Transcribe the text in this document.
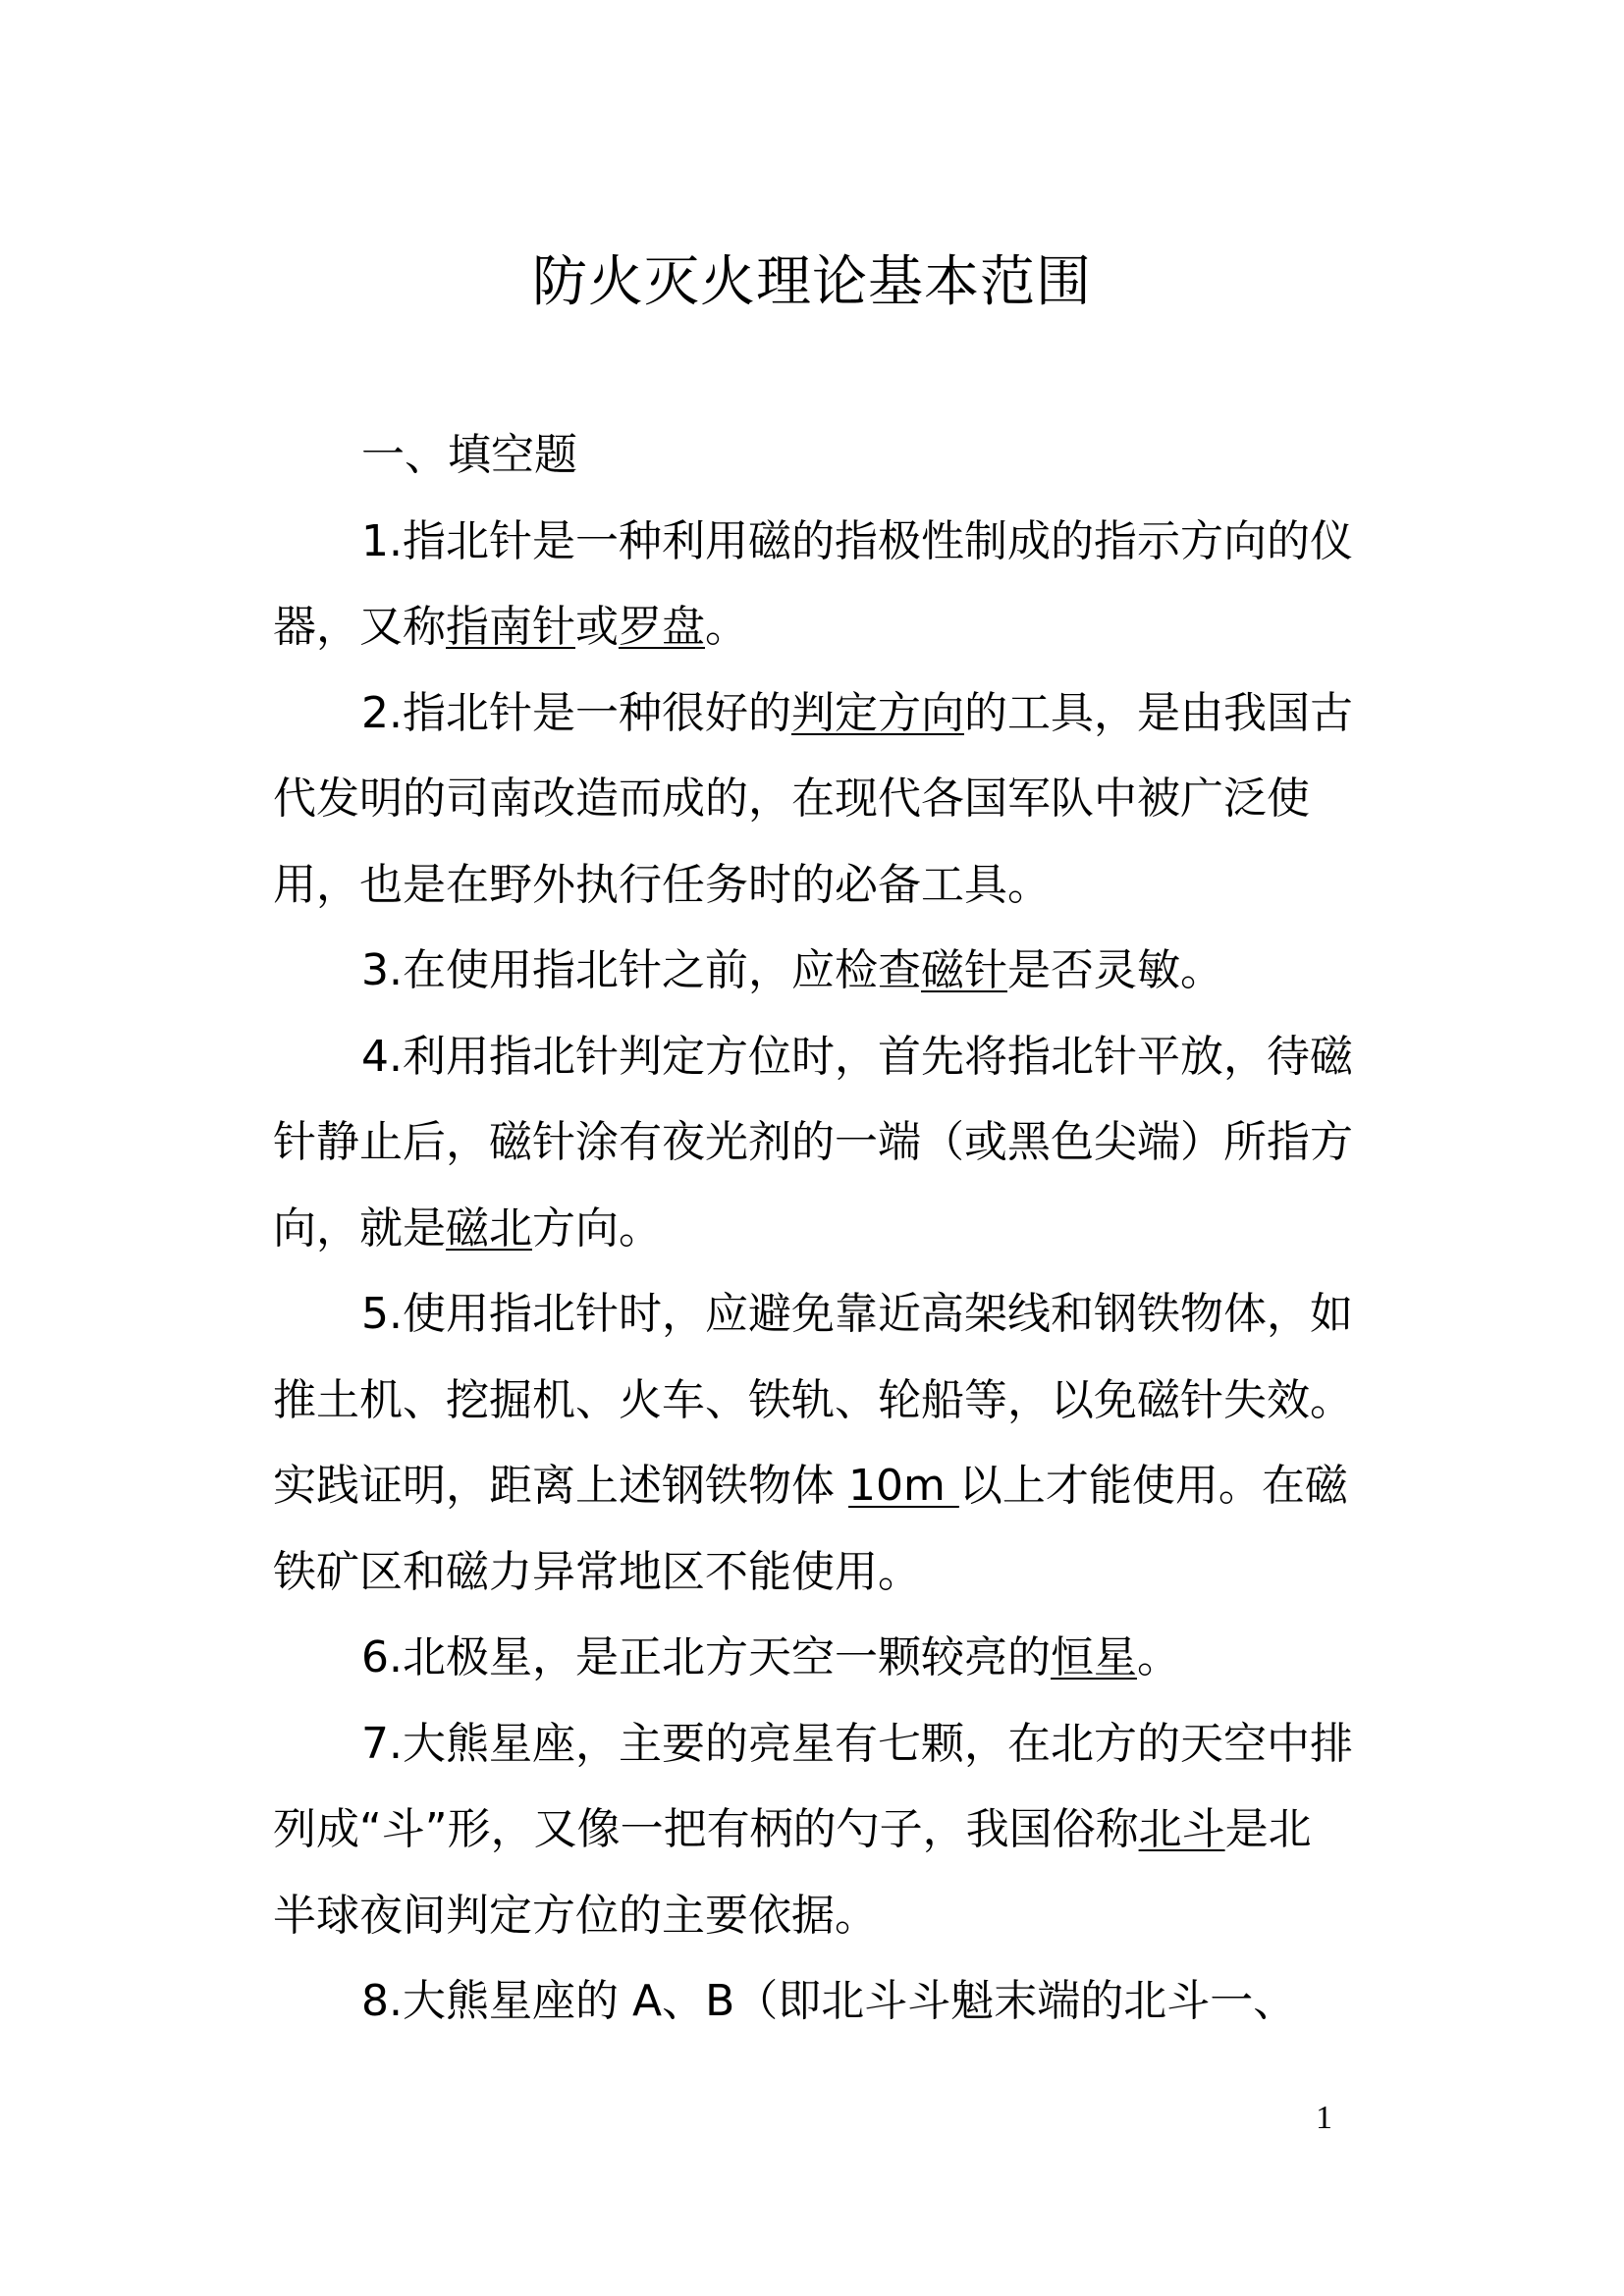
防火灭火理论基本范围

一、填空题

1.指北针是一种利用磁的指极性制成的指示方向的仪器，又称指南针或罗盘。

2.指北针是一种很好的判定方向的工具，是由我国古代发明的司南改造而成的，在现代各国军队中被广泛使用，也是在野外执行任务时的必备工具。

3.在使用指北针之前，应检查磁针是否灵敏。

4.利用指北针判定方位时，首先将指北针平放，待磁针静止后，磁针涂有夜光剂的一端（或黑色尖端）所指方向，就是磁北方向。

5.使用指北针时，应避免靠近高架线和钢铁物体，如推土机、挖掘机、火车、铁轨、轮船等，以免磁针失效。实践证明，距离上述钢铁物体 10m 以上才能使用。在磁铁矿区和磁力异常地区不能使用。

6.北极星，是正北方天空一颗较亮的恒星。

7.大熊星座，主要的亮星有七颗，在北方的天空中排列成“斗”形，又像一把有柄的勺子，我国俗称北斗是北半球夜间判定方位的主要依据。

8.大熊星座的 A、B（即北斗斗魁末端的北斗一、

1
